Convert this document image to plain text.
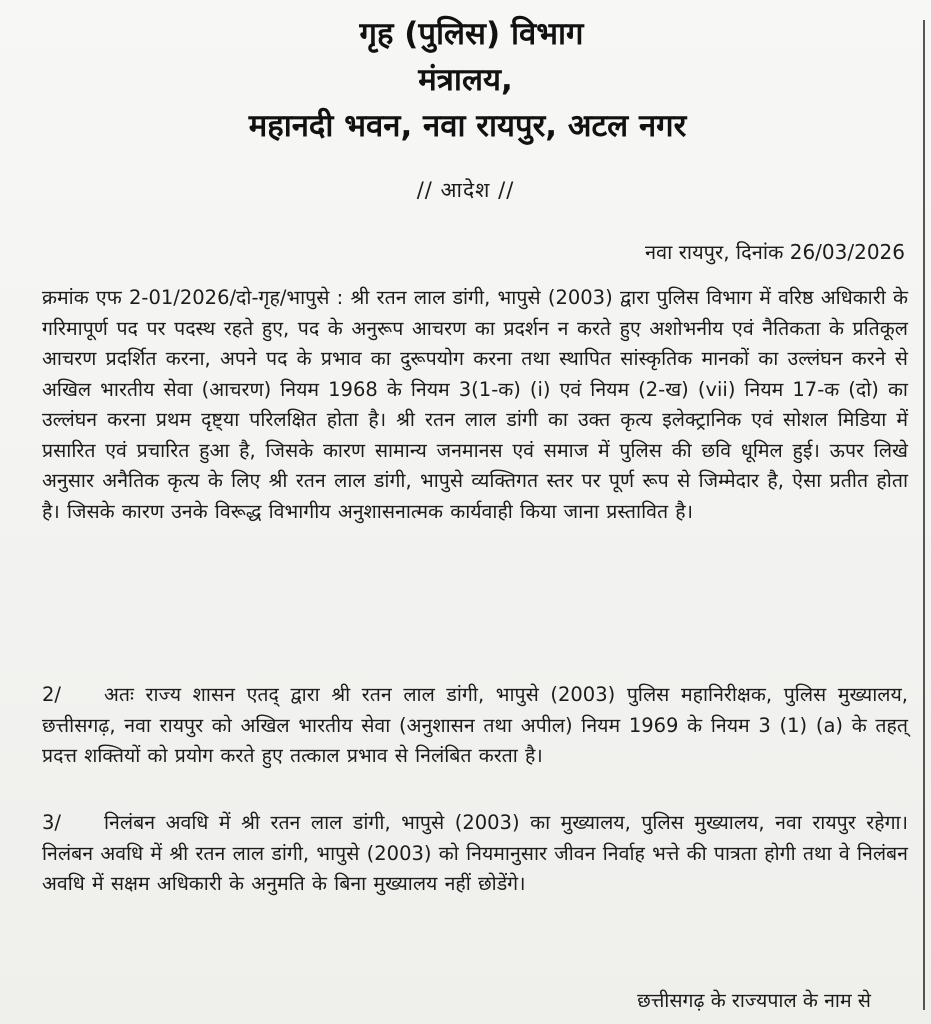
गृह (पुलिस) विभाग
मंत्रालय,
महानदी भवन, नवा रायपुर, अटल नगर
// आदेश //
नवा रायपुर, दिनांक 26/03/2026
क्रमांक एफ 2-01/2026/दो-गृह/भापुसे : श्री रतन लाल डांगी, भापुसे (2003) द्वारा पुलिस विभाग में वरिष्ठ अधिकारी के गरिमापूर्ण पद पर पदस्थ रहते हुए, पद के अनुरूप आचरण का प्रदर्शन न करते हुए अशोभनीय एवं नैतिकता के प्रतिकूल आचरण प्रदर्शित करना, अपने पद के प्रभाव का दुरूपयोग करना तथा स्थापित सांस्कृतिक मानकों का उल्लंघन करने से अखिल भारतीय सेवा (आचरण) नियम 1968 के नियम 3(1-क) (i) एवं नियम (2-ख) (vii) नियम 17-क (दो) का उल्लंघन करना प्रथम दृष्ट्या परिलक्षित होता है। श्री रतन लाल डांगी का उक्त कृत्य इलेक्ट्रानिक एवं सोशल मिडिया में प्रसारित एवं प्रचारित हुआ है, जिसके कारण सामान्य जनमानस एवं समाज में पुलिस की छवि धूमिल हुई। ऊपर लिखे अनुसार अनैतिक कृत्य के लिए श्री रतन लाल डांगी, भापुसे व्यक्तिगत स्तर पर पूर्ण रूप से जिम्मेदार है, ऐसा प्रतीत होता है। जिसके कारण उनके विरूद्ध विभागीय अनुशासनात्मक कार्यवाही किया जाना प्रस्तावित है।
2/ अतः राज्य शासन एतद् द्वारा श्री रतन लाल डांगी, भापुसे (2003) पुलिस महानिरीक्षक, पुलिस मुख्यालय, छत्तीसगढ़, नवा रायपुर को अखिल भारतीय सेवा (अनुशासन तथा अपील) नियम 1969 के नियम 3 (1) (a) के तहत् प्रदत्त शक्तियों को प्रयोग करते हुए तत्काल प्रभाव से निलंबित करता है।
3/ निलंबन अवधि में श्री रतन लाल डांगी, भापुसे (2003) का मुख्यालय, पुलिस मुख्यालय, नवा रायपुर रहेगा। निलंबन अवधि में श्री रतन लाल डांगी, भापुसे (2003) को नियमानुसार जीवन निर्वाह भत्ते की पात्रता होगी तथा वे निलंबन अवधि में सक्षम अधिकारी के अनुमति के बिना मुख्यालय नहीं छोडेंगे।
छत्तीसगढ़ के राज्यपाल के नाम से
